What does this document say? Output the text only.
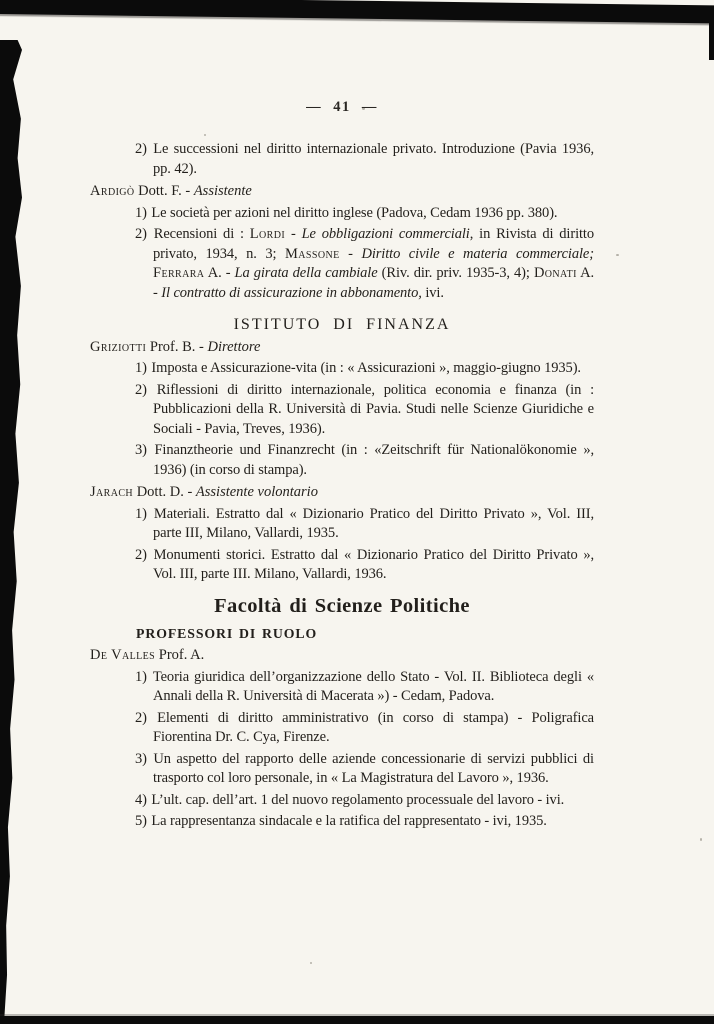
— 41 —
2) Le successioni nel diritto internazionale privato. Introduzione (Pavia 1936, pp. 42).
Ardigò Dott. F. - Assistente
1) Le società per azioni nel diritto inglese (Padova, Cedam 1936 pp. 380).
2) Recensioni di : Lordi - Le obbligazioni commerciali, in Rivista di diritto privato, 1934, n. 3; Massone - Diritto civile e materia commerciale; Ferrara A. - La girata della cambiale (Riv. dir. priv. 1935-3, 4); Donati A. - Il contratto di assicurazione in abbonamento, ivi.
ISTITUTO DI FINANZA
Griziotti Prof. B. - Direttore
1) Imposta e Assicurazione-vita (in : « Assicurazioni », maggio-giugno 1935).
2) Riflessioni di diritto internazionale, politica economia e finanza (in : Pubblicazioni della R. Università di Pavia. Studi nelle Scienze Giuridiche e Sociali - Pavia, Treves, 1936).
3) Finanztheorie und Finanzrecht (in : «Zeitschrift für Nationalökonomie », 1936) (in corso di stampa).
Jarach Dott. D. - Assistente volontario
1) Materiali. Estratto dal « Dizionario Pratico del Diritto Privato », Vol. III, parte III, Milano, Vallardi, 1935.
2) Monumenti storici. Estratto dal « Dizionario Pratico del Diritto Privato », Vol. III, parte III. Milano, Vallardi, 1936.
Facoltà di Scienze Politiche
PROFESSORI DI RUOLO
De Valles Prof. A.
1) Teoria giuridica dell’organizzazione dello Stato - Vol. II. Biblioteca degli « Annali della R. Università di Macerata ») - Cedam, Padova.
2) Elementi di diritto amministrativo (in corso di stampa) - Poligrafica Fiorentina Dr. C. Cya, Firenze.
3) Un aspetto del rapporto delle aziende concessionarie di servizi pubblici di trasporto col loro personale, in « La Magistratura del Lavoro », 1936.
4) L’ult. cap. dell’art. 1 del nuovo regolamento processuale del lavoro - ivi.
5) La rappresentanza sindacale e la ratifica del rappresentato - ivi, 1935.
